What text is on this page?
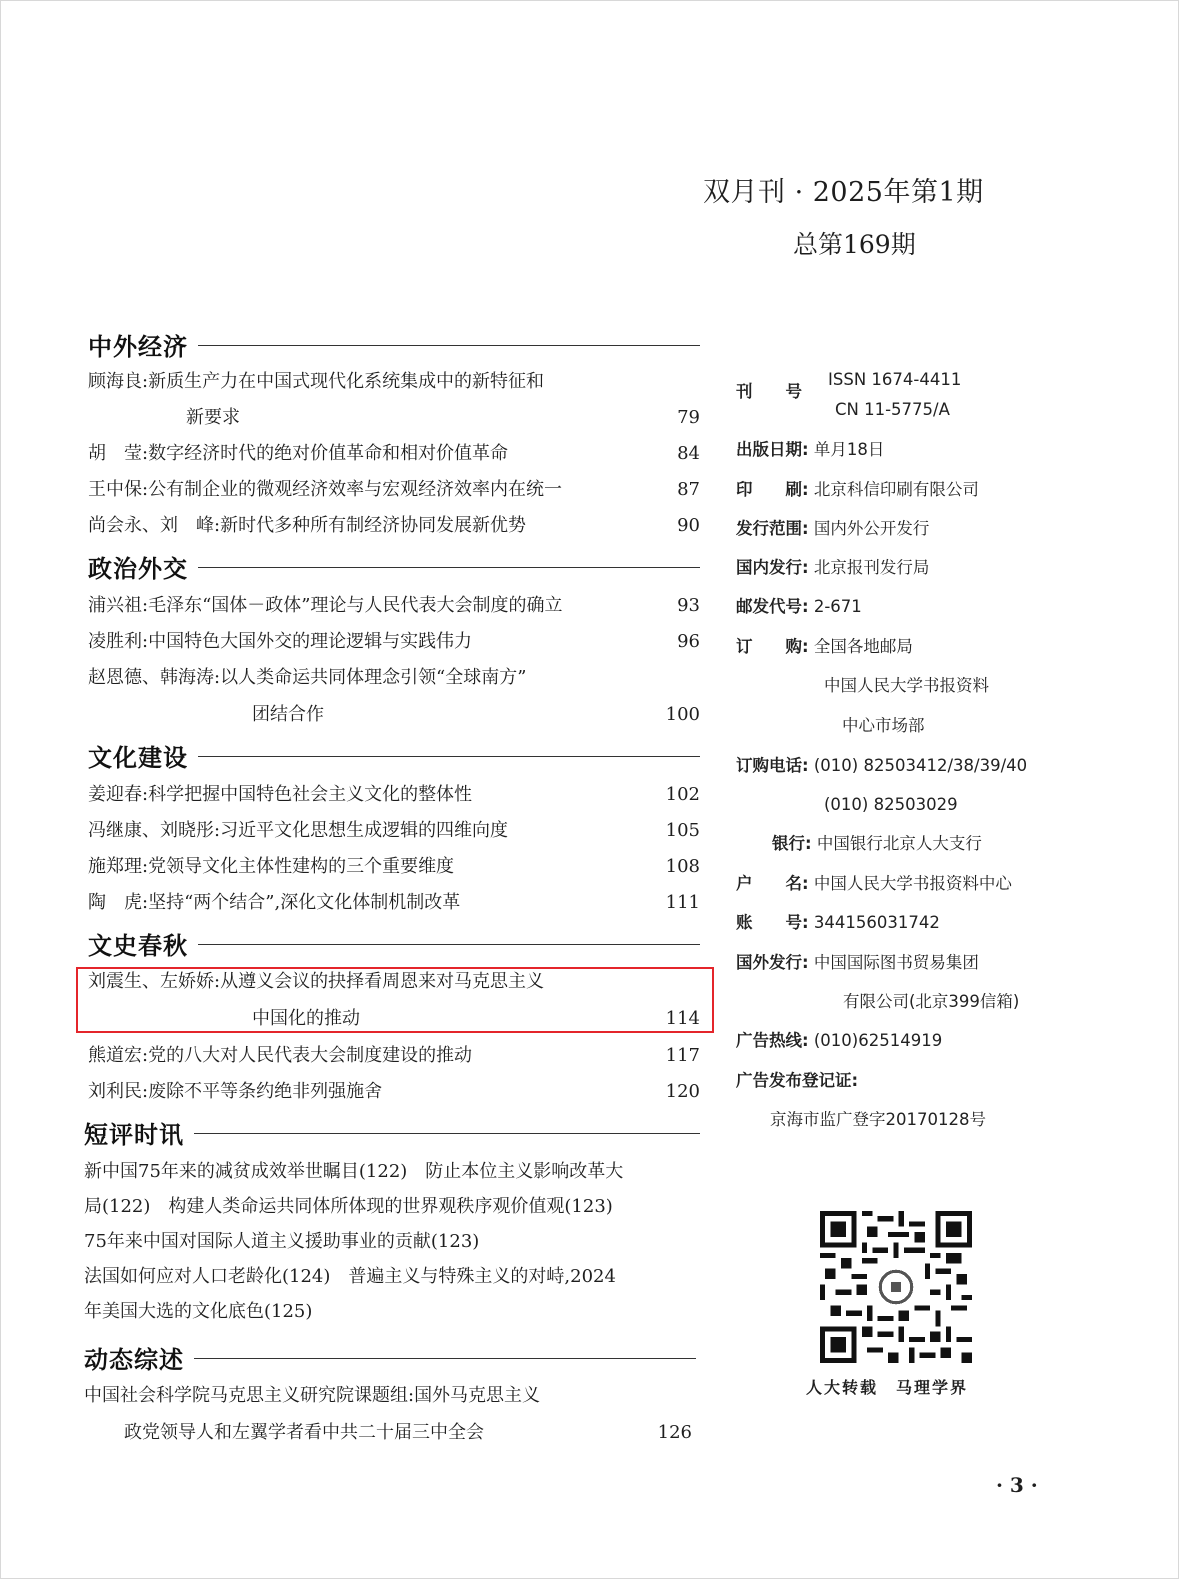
双月刊 · 2025年第1期
总第169期
中外经济
顾海良:新质生产力在中国式现代化系统集成中的新特征和
新要求	79
胡　莹:数字经济时代的绝对价值革命和相对价值革命	84
王中保:公有制企业的微观经济效率与宏观经济效率内在统一	87
尚会永、刘　峰:新时代多种所有制经济协同发展新优势	90
政治外交
浦兴祖:毛泽东“国体－政体”理论与人民代表大会制度的确立	93
凌胜利:中国特色大国外交的理论逻辑与实践伟力	96
赵恩德、韩海涛:以人类命运共同体理念引领“全球南方”
团结合作	100
文化建设
姜迎春:科学把握中国特色社会主义文化的整体性	102
冯继康、刘晓彤:习近平文化思想生成逻辑的四维向度	105
施郑理:党领导文化主体性建构的三个重要维度	108
陶　虎:坚持“两个结合”,深化文化体制机制改革	111
文史春秋
刘震生、左娇娇:从遵义会议的抉择看周恩来对马克思主义
中国化的推动	114
熊道宏:党的八大对人民代表大会制度建设的推动	117
刘利民:废除不平等条约绝非列强施舍	120
短评时讯
新中国75年来的减贫成效举世瞩目(122)　防止本位主义影响改革大
局(122)　构建人类命运共同体所体现的世界观秩序观价值观(123)
75年来中国对国际人道主义援助事业的贡献(123)
法国如何应对人口老龄化(124)　普遍主义与特殊主义的对峙,2024
年美国大选的文化底色(125)
动态综述
中国社会科学院马克思主义研究院课题组:国外马克思主义
政党领导人和左翼学者看中共二十届三中全会	126
刊　　号
ISSN 1674-4411
CN 11-5775/A
出版日期: 单月18日
印　　刷: 北京科信印刷有限公司
发行范围: 国内外公开发行
国内发行: 北京报刊发行局
邮发代号: 2-671
订　　购: 全国各地邮局
中国人民大学书报资料
中心市场部
订购电话: (010) 82503412/38/39/40
(010) 82503029
银行: 中国银行北京人大支行
户　　名: 中国人民大学书报资料中心
账　　号: 344156031742
国外发行: 中国国际图书贸易集团
有限公司(北京399信箱)
广告热线: (010)62514919
广告发布登记证:
京海市监广登字20170128号
人大转载　马理学界
· 3 ·
